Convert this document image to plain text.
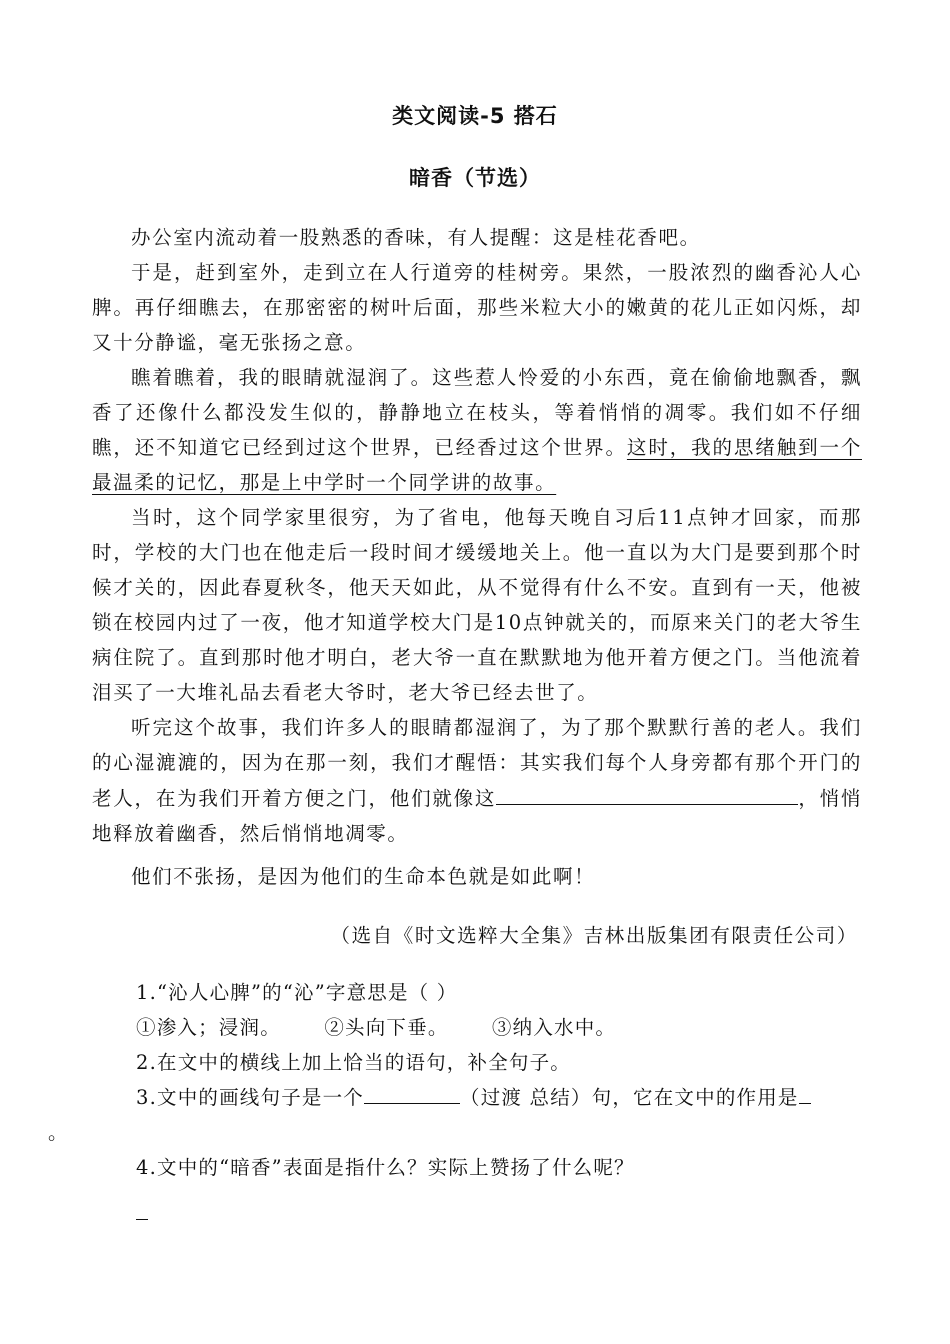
类文阅读-5 搭石
暗香（节选）

办公室内流动着一股熟悉的香味，有人提醒：这是桂花香吧。

于是，赶到室外，走到立在人行道旁的桂树旁。果然，一股浓烈的幽香沁人心脾。再仔细瞧去，在那密密的树叶后面，那些米粒大小的嫩黄的花儿正如闪烁，却又十分静谧，毫无张扬之意。

瞧着瞧着，我的眼睛就湿润了。这些惹人怜爱的小东西，竟在偷偷地飘香，飘香了还像什么都没发生似的，静静地立在枝头，等着悄悄的凋零。我们如不仔细瞧，还不知道它已经到过这个世界，已经香过这个世界。这时，我的思绪触到一个最温柔的记忆，那是上中学时一个同学讲的故事。

当时，这个同学家里很穷，为了省电，他每天晚自习后11点钟才回家，而那时，学校的大门也在他走后一段时间才缓缓地关上。他一直以为大门是要到那个时候才关的，因此春夏秋冬，他天天如此，从不觉得有什么不安。直到有一天，他被锁在校园内过了一夜，他才知道学校大门是10点钟就关的，而原来关门的老大爷生病住院了。直到那时他才明白，老大爷一直在默默地为他开着方便之门。当他流着泪买了一大堆礼品去看老大爷时，老大爷已经去世了。

听完这个故事，我们许多人的眼睛都湿润了，为了那个默默行善的老人。我们的心湿漉漉的，因为在那一刻，我们才醒悟：其实我们每个人身旁都有那个开门的老人，在为我们开着方便之门，他们就像这	，悄悄地释放着幽香，然后悄悄地凋零。

他们不张扬，是因为他们的生命本色就是如此啊！

（选自《时文选粹大全集》吉林出版集团有限责任公司）

1.“沁人心脾”的“沁”字意思是（ ）

①渗入；浸润。 ②头向下垂。 ③纳入水中。

2.在文中的横线上加上恰当的语句，补全句子。

3.文中的画线句子是一个	（过渡 总结）句，它在文中的作用是
。

4.文中的“暗香”表面是指什么？实际上赞扬了什么呢？
